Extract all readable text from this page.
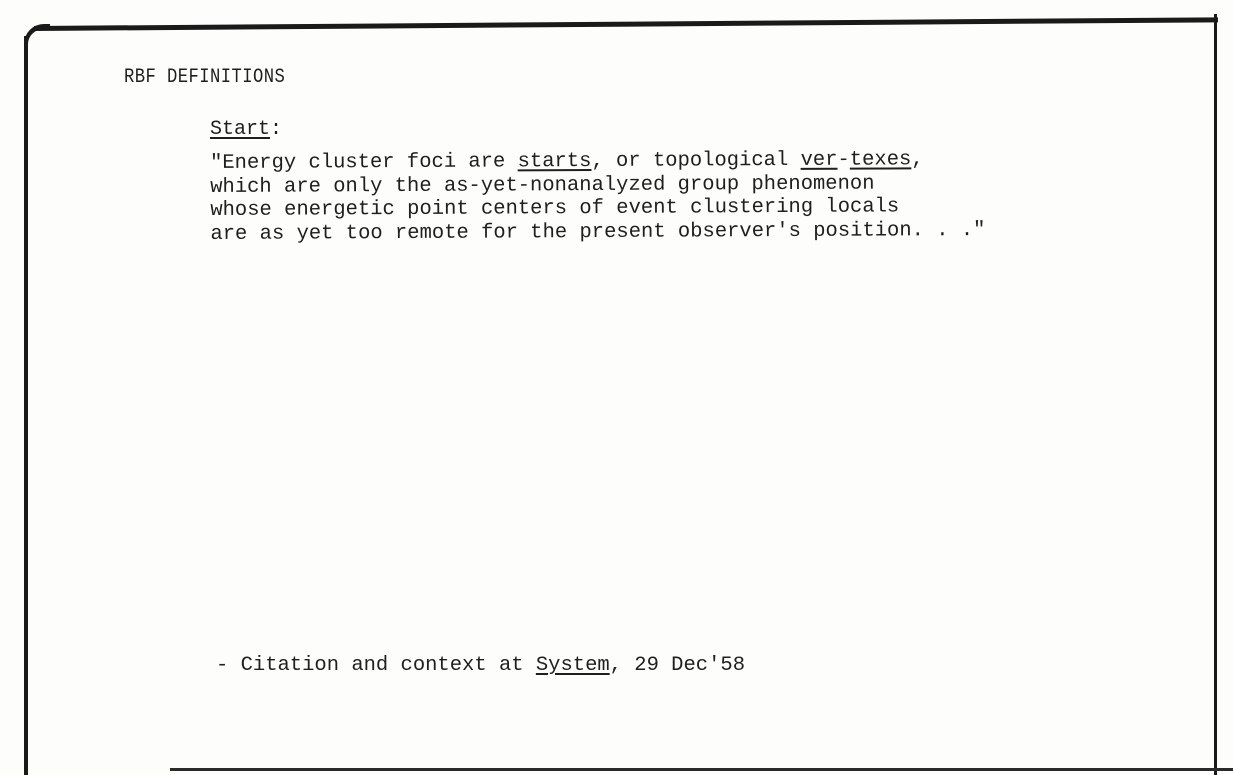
RBF DEFINITIONS
Start:
"Energy cluster foci are starts, or topological ver-texes,
which are only the as-yet-nonanalyzed group phenomenon
whose energetic point centers of event clustering locals
are as yet too remote for the present observer's position. . ."
- Citation and context at System, 29 Dec'58
